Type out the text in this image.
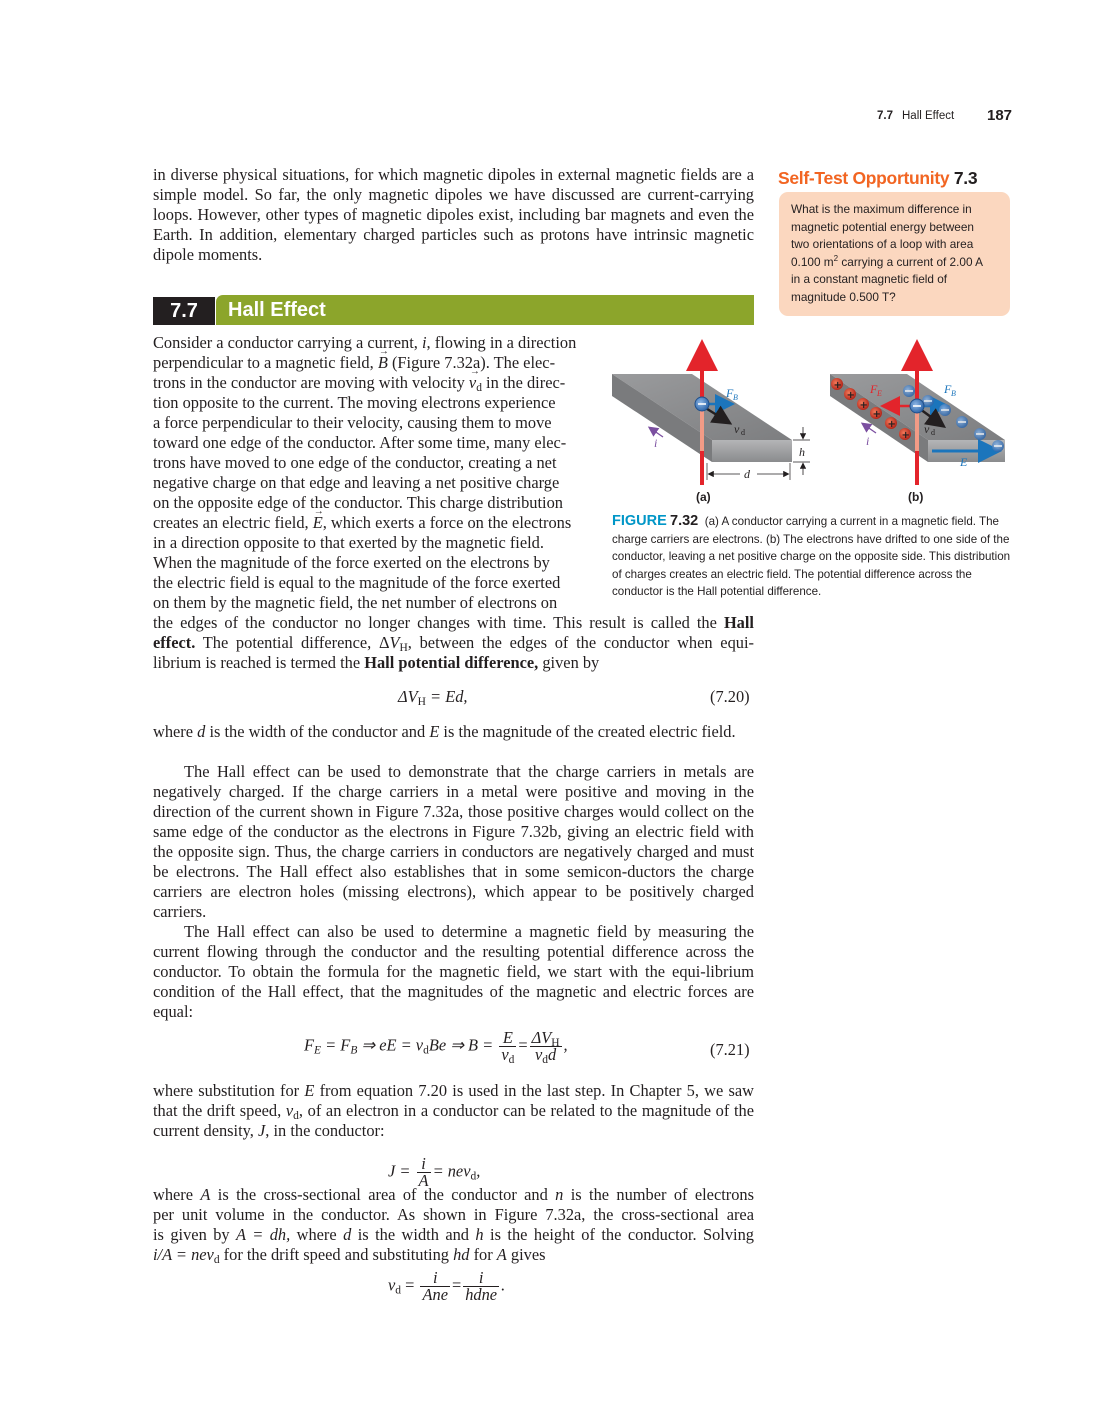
7.7 Hall Effect 187

in diverse physical situations, for which magnetic dipoles in external magnetic fields are a simple model. So far, the only magnetic dipoles we have discussed are current-carrying loops. However, other types of magnetic dipoles exist, including bar magnets and even the Earth. In addition, elementary charged particles such as protons have intrinsic magnetic dipole moments.

Self-Test Opportunity 7.3
What is the maximum difference in
magnetic potential energy between
two orientations of a loop with area
0.100 $m^2$ carrying a current of 2.00 A
in a constant magnetic field of
magnitude 0.500 T?
7.7	Hall Effect
Consider a conductor carrying a current, i, flowing in a direction
perpendicular to a magnetic field, → B (Figure 7.32a). The elec-
trons in the conductor are moving with velocity → $v_d$ in the direc-
tion opposite to the current. The moving electrons experience
a force perpendicular to their velocity, causing them to move
toward one edge of the conductor. After some time, many elec-
trons have moved to one edge of the conductor, creating a net
negative charge on that edge and leaving a net positive charge
on the opposite edge of the conductor. This charge distribution
creates an electric field, → E, which exerts a force on the electrons
in a direction opposite to that exerted by the magnetic field.
When the magnitude of the force exerted on the electrons by
the electric field is equal to the magnitude of the force exerted
on them by the magnetic field, the net number of electrons on
the edges of the conductor no longer changes with time. This result is called the Hall
effect. The potential difference, $\Delta V_H$, between the edges of the conductor when equi-
librium is reached is termed the Hall potential difference, given by
B
F B
v d
i
h
d
(a)
B
F E	F B
v d
i
E
+
+
+
+
+
+
(b)
FIGURE 7.32 (a) A conductor carrying a current in a magnetic field. The charge carriers are electrons. (b) The electrons have drifted to one side of the conductor, leaving a net positive charge on the opposite side. This distribution of charges creates an electric field. The potential difference across the conductor is the Hall potential difference.
$\Delta V_H = Ed$,	(7.20)

where d is the width of the conductor and E is the magnitude of the created electric field.

The Hall effect can be used to demonstrate that the charge carriers in metals are negatively charged. If the charge carriers in a metal were positive and moving in the direction of the current shown in Figure 7.32a, those positive charges would collect on the same edge of the conductor as the electrons in Figure 7.32b, giving an electric field with the opposite sign. Thus, the charge carriers in conductors are negatively charged and must be electrons. The Hall effect also establishes that in some semicon-ductors the charge carriers are electron holes (missing electrons), which appear to be positively charged carriers.

The Hall effect can also be used to determine a magnetic field by measuring the current flowing through the conductor and the resulting potential difference across the conductor. To obtain the formula for the magnetic field, we start with the equi-librium condition of the Hall effect, that the magnitudes of the magnetic and electric forces are equal:

$F_E = F_B$ ⇒ eE = $v_dBe$ ⇒ $B = \frac{E}{v_d} = \frac{\Delta V_H}{v_dd}$ ,	(7.21)

where substitution for E from equation 7.20 is used in the last step. In Chapter 5, we saw that the drift speed, $v_d$, of an electron in a conductor can be related to the magnitude of the current density, J, in the conductor:

$J = \frac{i}{A} = nev_d$,
where A is the cross-sectional area of the conductor and n is the number of electrons
per unit volume in the conductor. As shown in Figure 7.32a, the cross-sectional area
is given by A = dh, where d is the width and h is the height of the conductor. Solving
i/A = nev$_d$ for the drift speed and substituting hd for A gives
$v_d = \frac{i}{\text{Ane}} = \frac{i}{\text{hdne}}$ .
